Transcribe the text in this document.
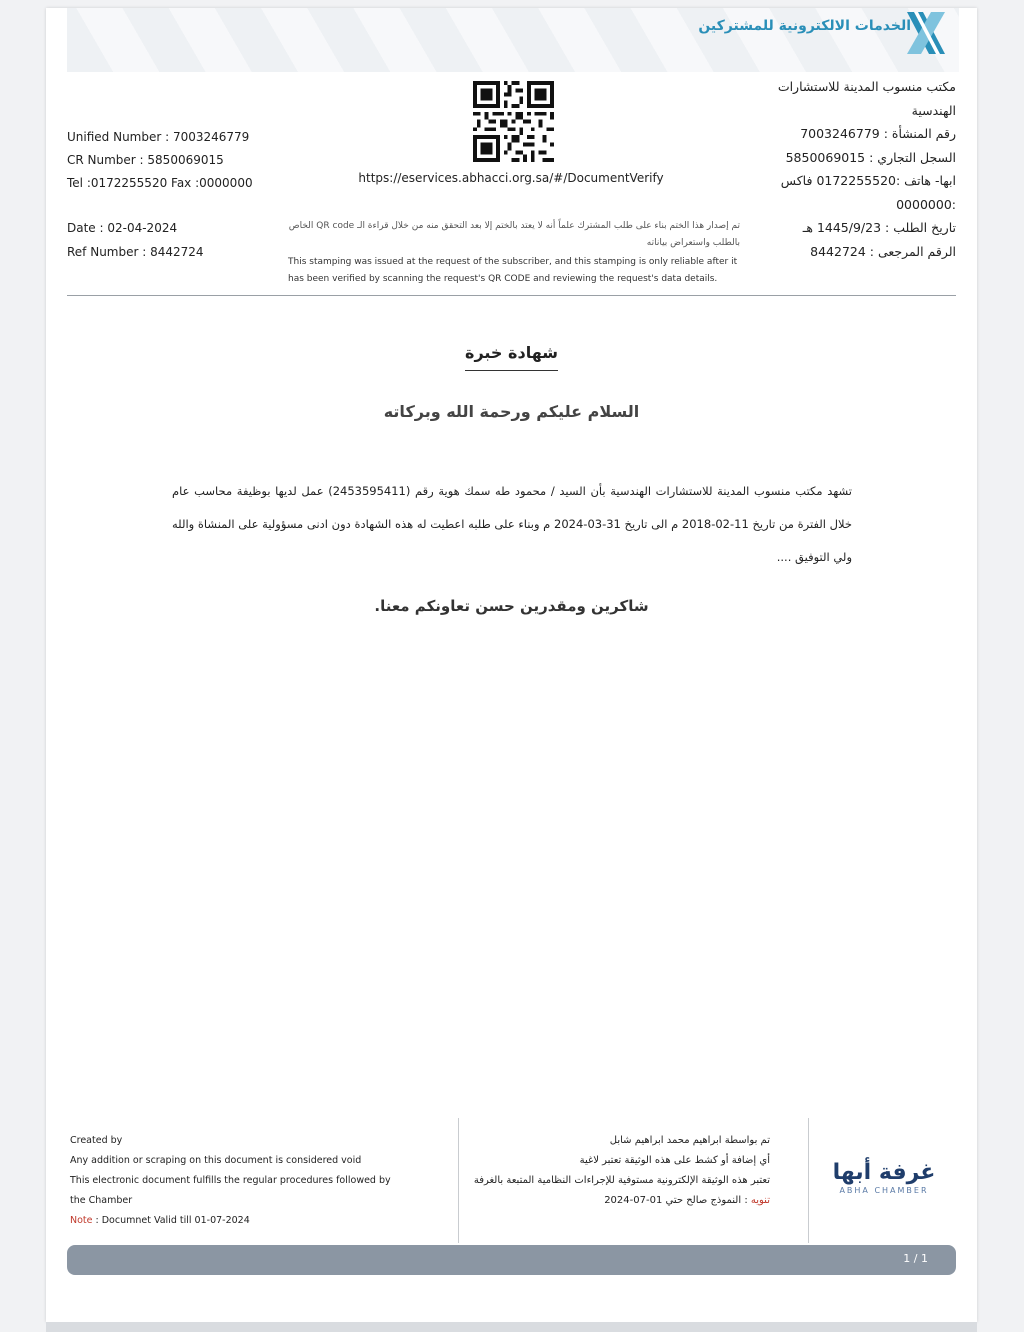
الخدمات الالكترونية للمشتركين
Unified Number : 7003246779
CR Number : 5850069015
Tel :0172255520 Fax :0000000	https://eservices.abhacci.org.sa/#/DocumentVerify
مكتب منسوب المدينة للاستشارات الهندسية
رقم المنشأة : 7003246779
السجل التجاري : 5850069015
ابها- هاتف :0172255520 فاكس :0000000
Date : 02-04-2024
Ref Number : 8442724
تاريخ الطلب : 1445/9/23 هـ
الرقم المرجعى : 8442724
تم إصدار هذا الختم بناء على طلب المشترك علماً أنه لا يعتد بالختم إلا بعد التحقق منه من خلال قراءة الـ QR code الخاص بالطلب واستعراض بياناته
This stamping was issued at the request of the subscriber, and this stamping is only reliable after it has been verified by scanning the request's QR CODE and reviewing the request's data details.
شهادة خبرة
السلام عليكم ورحمة الله وبركاته
تشهد مكتب منسوب المدينة للاستشارات الهندسية بأن السيد / محمود طه سمك هوية رقم (2453595411) عمل لديها بوظيفة محاسب عام خلال الفترة من تاريخ 11-02-2018 م الى تاريخ 31-03-2024 م وبناء على طلبه اعطيت له هذه الشهادة دون ادنى مسؤولية على المنشاة والله ولي التوفيق ....
شاكرين ومقدرين حسن تعاونكم معنا.
Created by
Any addition or scraping on this document is considered void
This electronic document fulfills the regular procedures followed by the Chamber
Note : Documnet Valid till 01-07-2024
تم بواسطة ابراهيم محمد ابراهيم شابل
أي إضافة أو كشط على هذه الوثيقة تعتبر لاغية
تعتبر هذه الوثيقة الإلكترونية مستوفية للإجراءات النظامية المتبعة بالغرفة
تنويه : النموذج صالح حتي 01-07-2024
غرفة أبها
ABHA CHAMBER
1 / 1
